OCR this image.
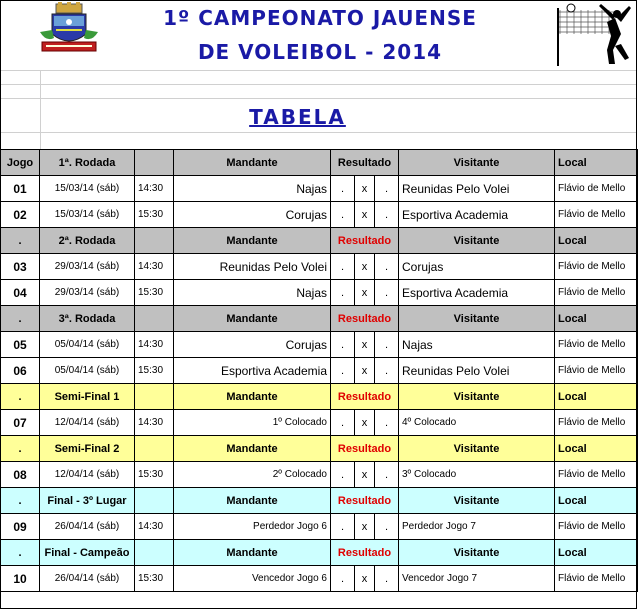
1º CAMPEONATO JAUENSE
DE VOLEIBOL - 2014
TABELA
Jogo	1ª. Rodada		Mandante	Resultado			Visitante	Local
01	15/03/14 (sáb)	14:30	Najas	.	x	.	Reunidas Pelo Volei	Flávio de Mello
02	15/03/14 (sáb)	15:30	Corujas	.	x	.	Esportiva Academia	Flávio de Mello
.	2ª. Rodada		Mandante	Resultado			Visitante	Local
03	29/03/14 (sáb)	14:30	Reunidas Pelo Volei	.	x	.	Corujas	Flávio de Mello
04	29/03/14 (sáb)	15:30	Najas	.	x	.	Esportiva Academia	Flávio de Mello
.	3ª. Rodada		Mandante	Resultado			Visitante	Local
05	05/04/14 (sáb)	14:30	Corujas	.	x	.	Najas	Flávio de Mello
06	05/04/14 (sáb)	15:30	Esportiva Academia	.	x	.	Reunidas Pelo Volei	Flávio de Mello
.	Semi-Final 1		Mandante	Resultado			Visitante	Local
07	12/04/14 (sáb)	14:30	1º Colocado	.	x	.	4º Colocado	Flávio de Mello
.	Semi-Final 2		Mandante	Resultado			Visitante	Local
08	12/04/14 (sáb)	15:30	2º Colocado	.	x	.	3º Colocado	Flávio de Mello
.	Final - 3º Lugar		Mandante	Resultado			Visitante	Local
09	26/04/14 (sáb)	14:30	Perdedor Jogo 6	.	x	.	Perdedor Jogo 7	Flávio de Mello
.	Final - Campeão		Mandante	Resultado			Visitante	Local
10	26/04/14 (sáb)	15:30	Vencedor Jogo 6	.	x	.	Vencedor Jogo 7	Flávio de Mello
